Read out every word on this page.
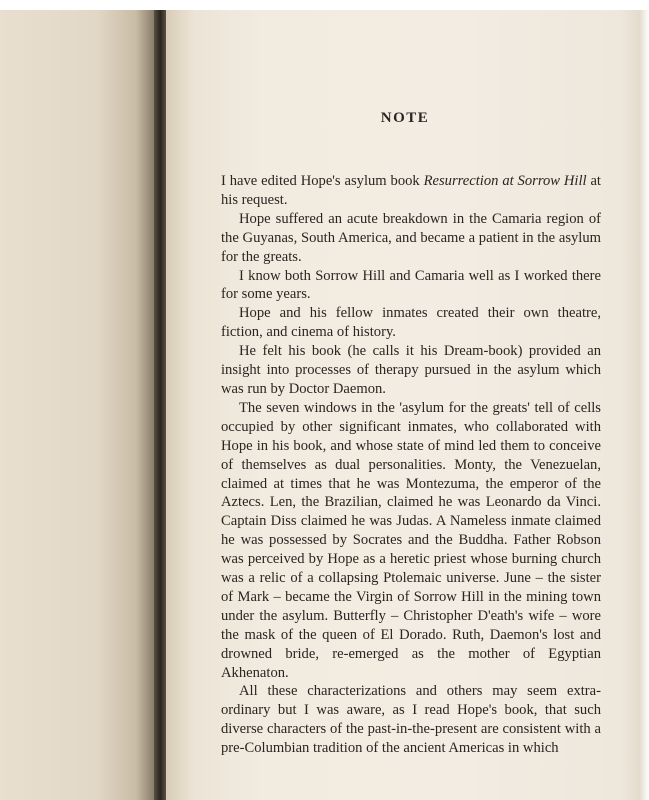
NOTE

I have edited Hope's asylum book Resurrection at Sorrow Hill at his request.

Hope suffered an acute breakdown in the Camaria region of the Guyanas, South America, and became a patient in the asylum for the greats.

I know both Sorrow Hill and Camaria well as I worked there for some years.

Hope and his fellow inmates created their own theatre, fiction, and cinema of history.

He felt his book (he calls it his Dream-book) provided an insight into processes of therapy pursued in the asylum which was run by Doctor Daemon.

The seven windows in the 'asylum for the greats' tell of cells occupied by other significant inmates, who collaborated with Hope in his book, and whose state of mind led them to conceive of themselves as dual personalities. Monty, the Venezuelan, claimed at times that he was Montezuma, the emperor of the Aztecs. Len, the Brazilian, claimed he was Leonardo da Vinci. Captain Diss claimed he was Judas. A Nameless inmate claimed he was possessed by Socrates and the Buddha. Father Robson was perceived by Hope as a heretic priest whose burning church was a relic of a collapsing Ptolemaic universe. June – the sister of Mark – became the Virgin of Sorrow Hill in the mining town under the asylum. Butterfly – Christopher D'eath's wife – wore the mask of the queen of El Dorado. Ruth, Daemon's lost and drowned bride, re-emerged as the mother of Egyptian Akhenaton.

All these characterizations and others may seem extra-ordinary but I was aware, as I read Hope's book, that such diverse characters of the past-in-the-present are consistent with a pre-Columbian tradition of the ancient Americas in which
